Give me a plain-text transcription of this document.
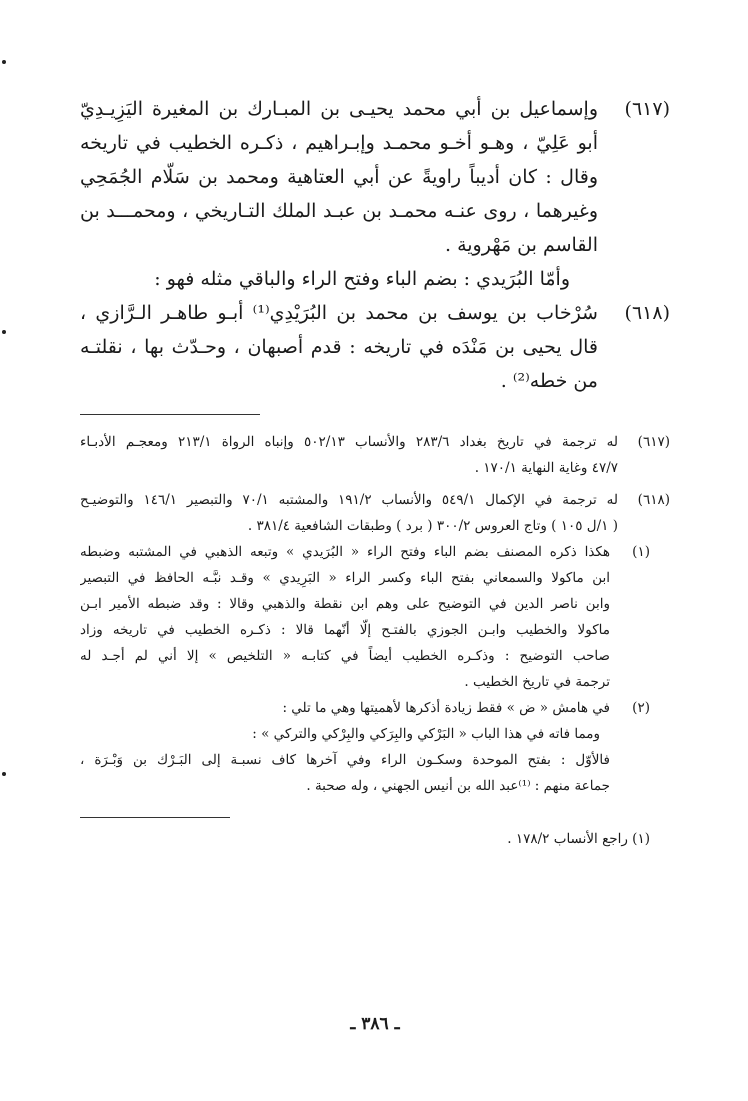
(٦١٧)
وإسماعيل بن أبي محمد يحيـى بن المبـارك بن المغيرة اليَزِيـدِيّ
أبو عَلِيّ ، وهـو أخـو محمـد وإبـراهيم ، ذكـره الخطيب في تاريخه
وقال : كان أديباً راويةً عن أبي العتاهية ومحمد بن سَلّام الجُمَحِي
وغيرهما ، روى عنـه محمـد بن عبـد الملك التـاريخي ، ومحمـــد بن
القاسم بن مَهْروية .
وأمّا البُرَيدي : بضم الباء وفتح الراء والباقي مثله فهو :
(٦١٨)
سُرْخاب بن يوسف بن محمد بن البُرَيْدِي⁽¹⁾ أبـو طاهـر الـرَّازي ،
قال يحيى بن مَنْدَه في تاريخه : قدم أصبهان ، وحـدّث بها ، نقلتـه
من خطه⁽²⁾ .
(٦١٧)
له ترجمة في تاريخ بغداد ٢٨٣/٦ والأنساب ٥٠٢/١٣ وإنباه الرواة ٢١٣/١ ومعجـم الأدبـاء
٤٧/٧ وغاية النهاية ١٧٠/١ .
(٦١٨)
له ترجمة في الإكمال ٥٤٩/١ والأنساب ١٩١/٢ والمشتبه ٧٠/١ والتبصير ١٤٦/١ والتوضيـح
( ١/ل ١٠٥ ) وتاج العروس ٣٠٠/٢ ( برد ) وطبقات الشافعية ٣٨١/٤ .
(١)
هكذا ذكره المصنف بضم الباء وفتح الراء « البُرَيدي » وتبعه الذهبي في المشتبه وضبطه
ابن ماكولا والسمعاني بفتح الباء وكسر الراء « البَرِيدي » وقـد نبَّـه الحافظ في التبصير
وابن ناصر الدين في التوضيح على وهم ابن نقطة والذهبي وقالا : وقد ضبطه الأمير ابـن
ماكولا والخطيب وابـن الجوزي بالفتـح إلّا أنّهما قالا : ذكـره الخطيب في تاريخه وزاد
صاحب التوضيح : وذكـره الخطيب أيضاً في كتابـه « التلخيص » إلا أني لم أجـد له
ترجمة في تاريخ الخطيب .
(٢)
في هامش « ض » فقط زيادة أذكرها لأهميتها وهي ما تلي :
ومما فاته في هذا الباب « البَرْكي والبِرَكي والبِرْكي والتركي » :
فالأوّل : بفتح الموحدة وسكـون الراء وفي آخرها كاف نسبـة إلى البَـرْك بن وَبْـرَة ،
جماعة منهم : ⁽¹⁾عبد الله بن أنيس الجهني ، وله صحبة .
(١) راجع الأنساب ١٧٨/٢ .
ـ ٣٨٦ ـ
